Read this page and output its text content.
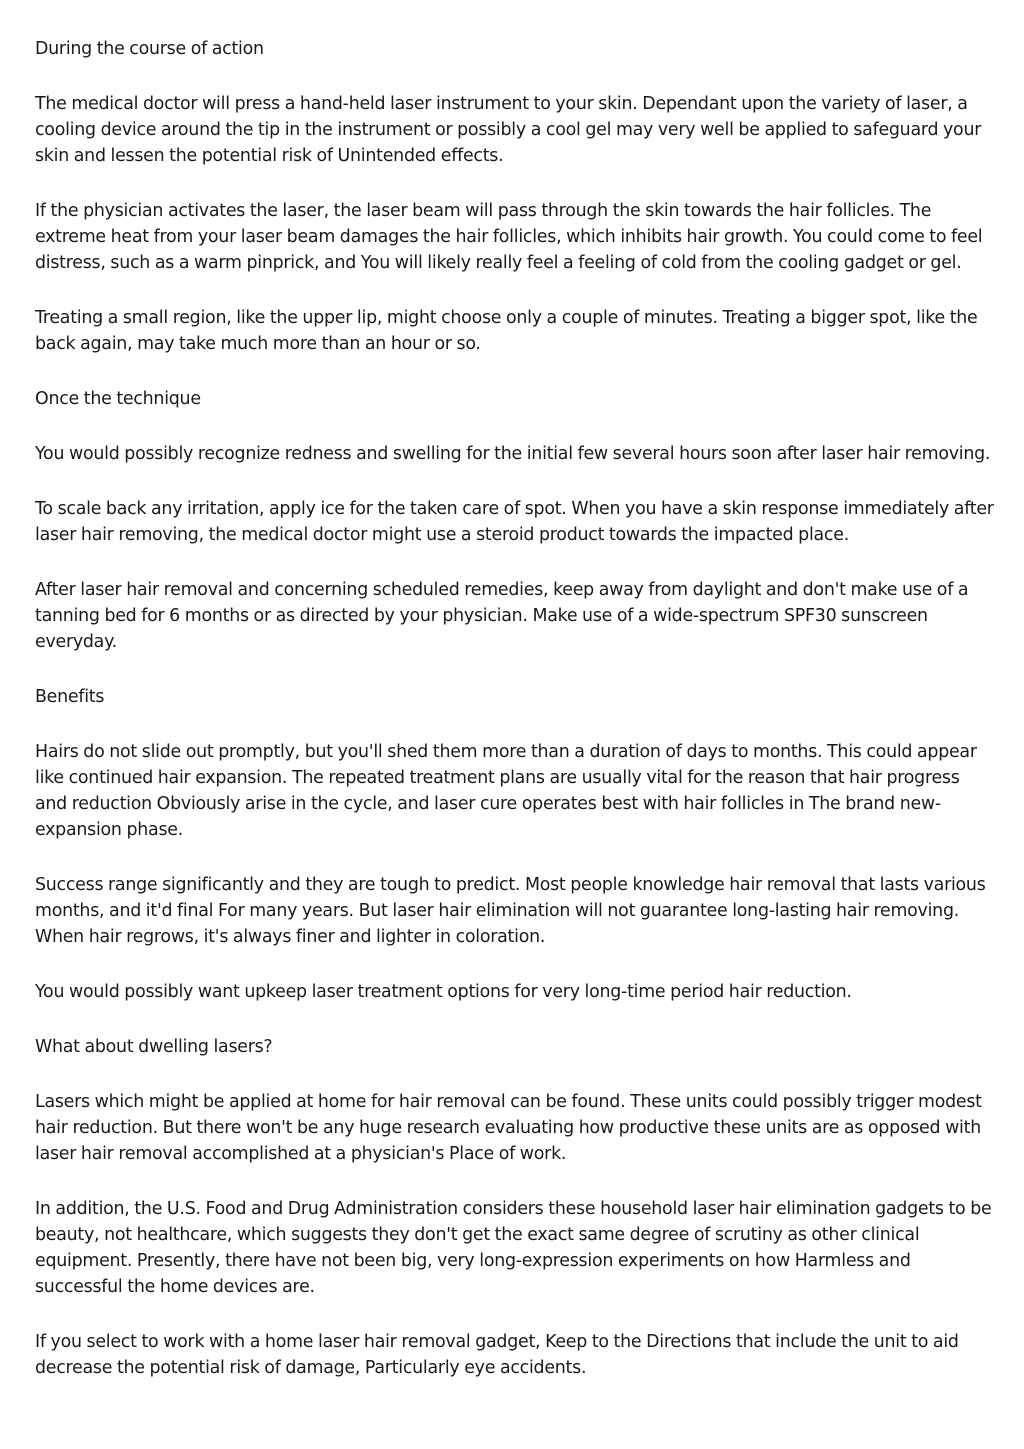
During the course of action

The medical doctor will press a hand-held laser instrument to your skin. Dependant upon the variety of laser, a cooling device around the tip in the instrument or possibly a cool gel may very well be applied to safeguard your skin and lessen the potential risk of Unintended effects.

If the physician activates the laser, the laser beam will pass through the skin towards the hair follicles. The extreme heat from your laser beam damages the hair follicles, which inhibits hair growth. You could come to feel distress, such as a warm pinprick, and You will likely really feel a feeling of cold from the cooling gadget or gel.

Treating a small region, like the upper lip, might choose only a couple of minutes. Treating a bigger spot, like the back again, may take much more than an hour or so.

Once the technique

You would possibly recognize redness and swelling for the initial few several hours soon after laser hair removing.

To scale back any irritation, apply ice for the taken care of spot. When you have a skin response immediately after laser hair removing, the medical doctor might use a steroid product towards the impacted place.

After laser hair removal and concerning scheduled remedies, keep away from daylight and don't make use of a tanning bed for 6 months or as directed by your physician. Make use of a wide-spectrum SPF30 sunscreen everyday.

Benefits

Hairs do not slide out promptly, but you'll shed them more than a duration of days to months. This could appear like continued hair expansion. The repeated treatment plans are usually vital for the reason that hair progress and reduction Obviously arise in the cycle, and laser cure operates best with hair follicles in The brand new-expansion phase.

Success range significantly and they are tough to predict. Most people knowledge hair removal that lasts various months, and it'd final For many years. But laser hair elimination will not guarantee long-lasting hair removing. When hair regrows, it's always finer and lighter in coloration.

You would possibly want upkeep laser treatment options for very long-time period hair reduction.

What about dwelling lasers?

Lasers which might be applied at home for hair removal can be found. These units could possibly trigger modest hair reduction. But there won't be any huge research evaluating how productive these units are as opposed with laser hair removal accomplished at a physician's Place of work.

In addition, the U.S. Food and Drug Administration considers these household laser hair elimination gadgets to be beauty, not healthcare, which suggests they don't get the exact same degree of scrutiny as other clinical equipment. Presently, there have not been big, very long-expression experiments on how Harmless and successful the home devices are.

If you select to work with a home laser hair removal gadget, Keep to the Directions that include the unit to aid decrease the potential risk of damage, Particularly eye accidents.
